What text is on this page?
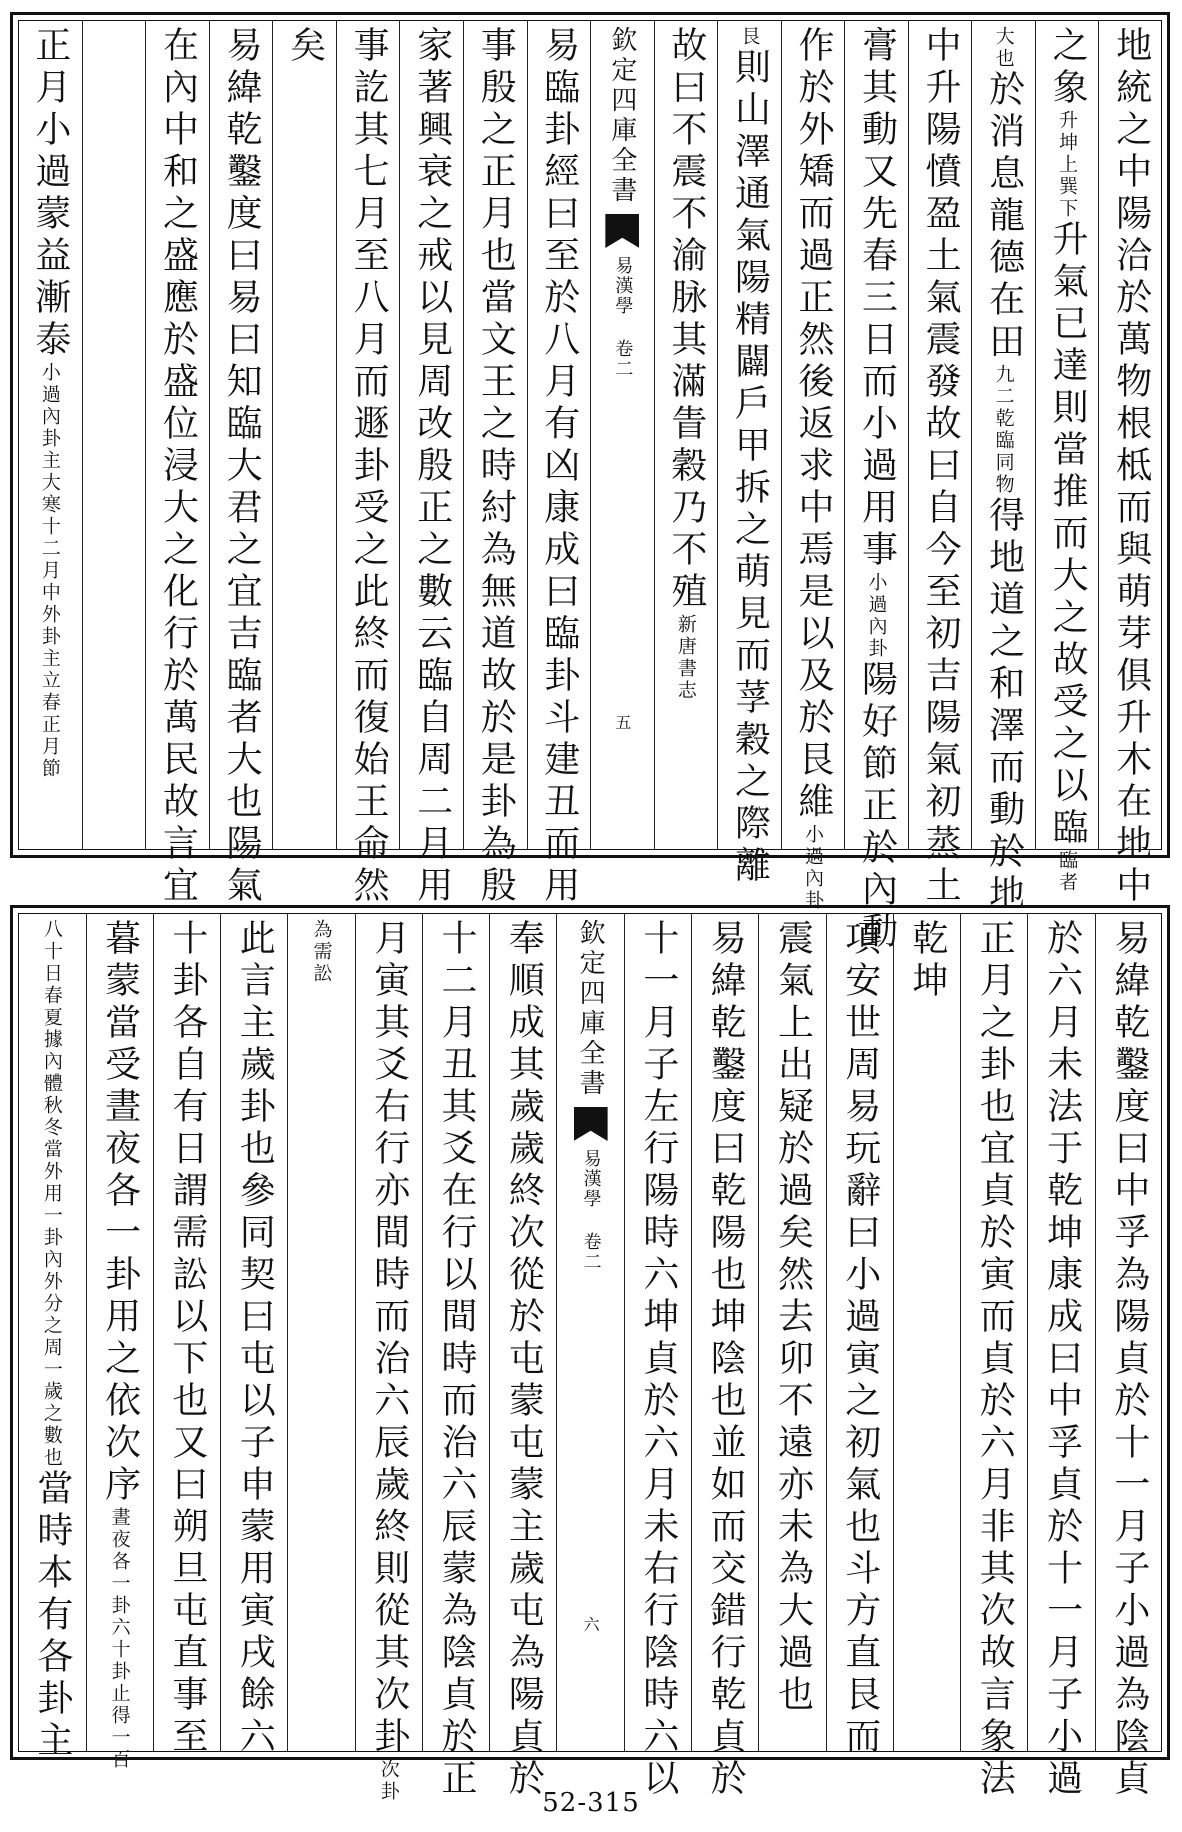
地統之中陽洽於萬物根柢而與萌芽俱升木在地中
之象升坤上巽下升氣已達則當推而大之故受之以臨臨者
大也於消息龍德在田九二乾臨同物得地道之和澤而動於地
中升陽憤盈土氣震發故曰自今至初吉陽氣初蒸土
膏其動又先春三日而小過用事小過內卦陽好節正於內動
作於外矯而過正然後返求中焉是以及於艮維小過內卦
艮則山澤通氣陽精闢戶甲拆之萌見而莩穀之際離
故曰不震不渝脉其滿眚穀乃不殖新唐書志
欽定四庫全書
易漢學 卷二
五
易臨卦經曰至於八月有凶康成曰臨卦斗建丑而用
事殷之正月也當文王之時紂為無道故於是卦為殷
家著興衰之戒以見周改殷正之數云臨自周二月用
事訖其七月至八月而遯卦受之此終而復始王命然
矣
易緯乾鑿度曰易曰知臨大君之宜吉臨者大也陽氣
在內中和之盛應於盛位浸大之化行於萬民故言宜
正月小過蒙益漸泰小過內卦主大寒十二月中外卦主立春正月節
易緯乾鑿度曰中孚為陽貞於十一月子小過為陰貞
於六月未法于乾坤康成曰中孚貞於十一月子小過
正月之卦也宜貞於寅而貞於六月非其次故言象法
乾坤
項安世周易玩辭曰小過寅之初氣也斗方直艮而
震氣上出疑於過矣然去卯不遠亦未為大過也
易緯乾鑿度曰乾陽也坤陰也並如而交錯行乾貞於
十一月子左行陽時六坤貞於六月未右行陰時六以
欽定四庫全書
易漢學 卷二
六
奉順成其歲歲終次從於屯蒙屯蒙主歲屯為陽貞於
十二月丑其爻在行以間時而治六辰蒙為陰貞於正
月寅其爻右行亦間時而治六辰歲終則從其次卦次卦
為需訟
此言主歲卦也參同契曰屯以子申蒙用寅戌餘六
十卦各自有日謂需訟以下也又曰朔旦屯直事至
暮蒙當受晝夜各一卦用之依次序晝夜各一卦六十卦止得一百
八十日春夏據內體秋冬當外用一卦內外分之周一歲之數也當時本有各卦主
52-315
